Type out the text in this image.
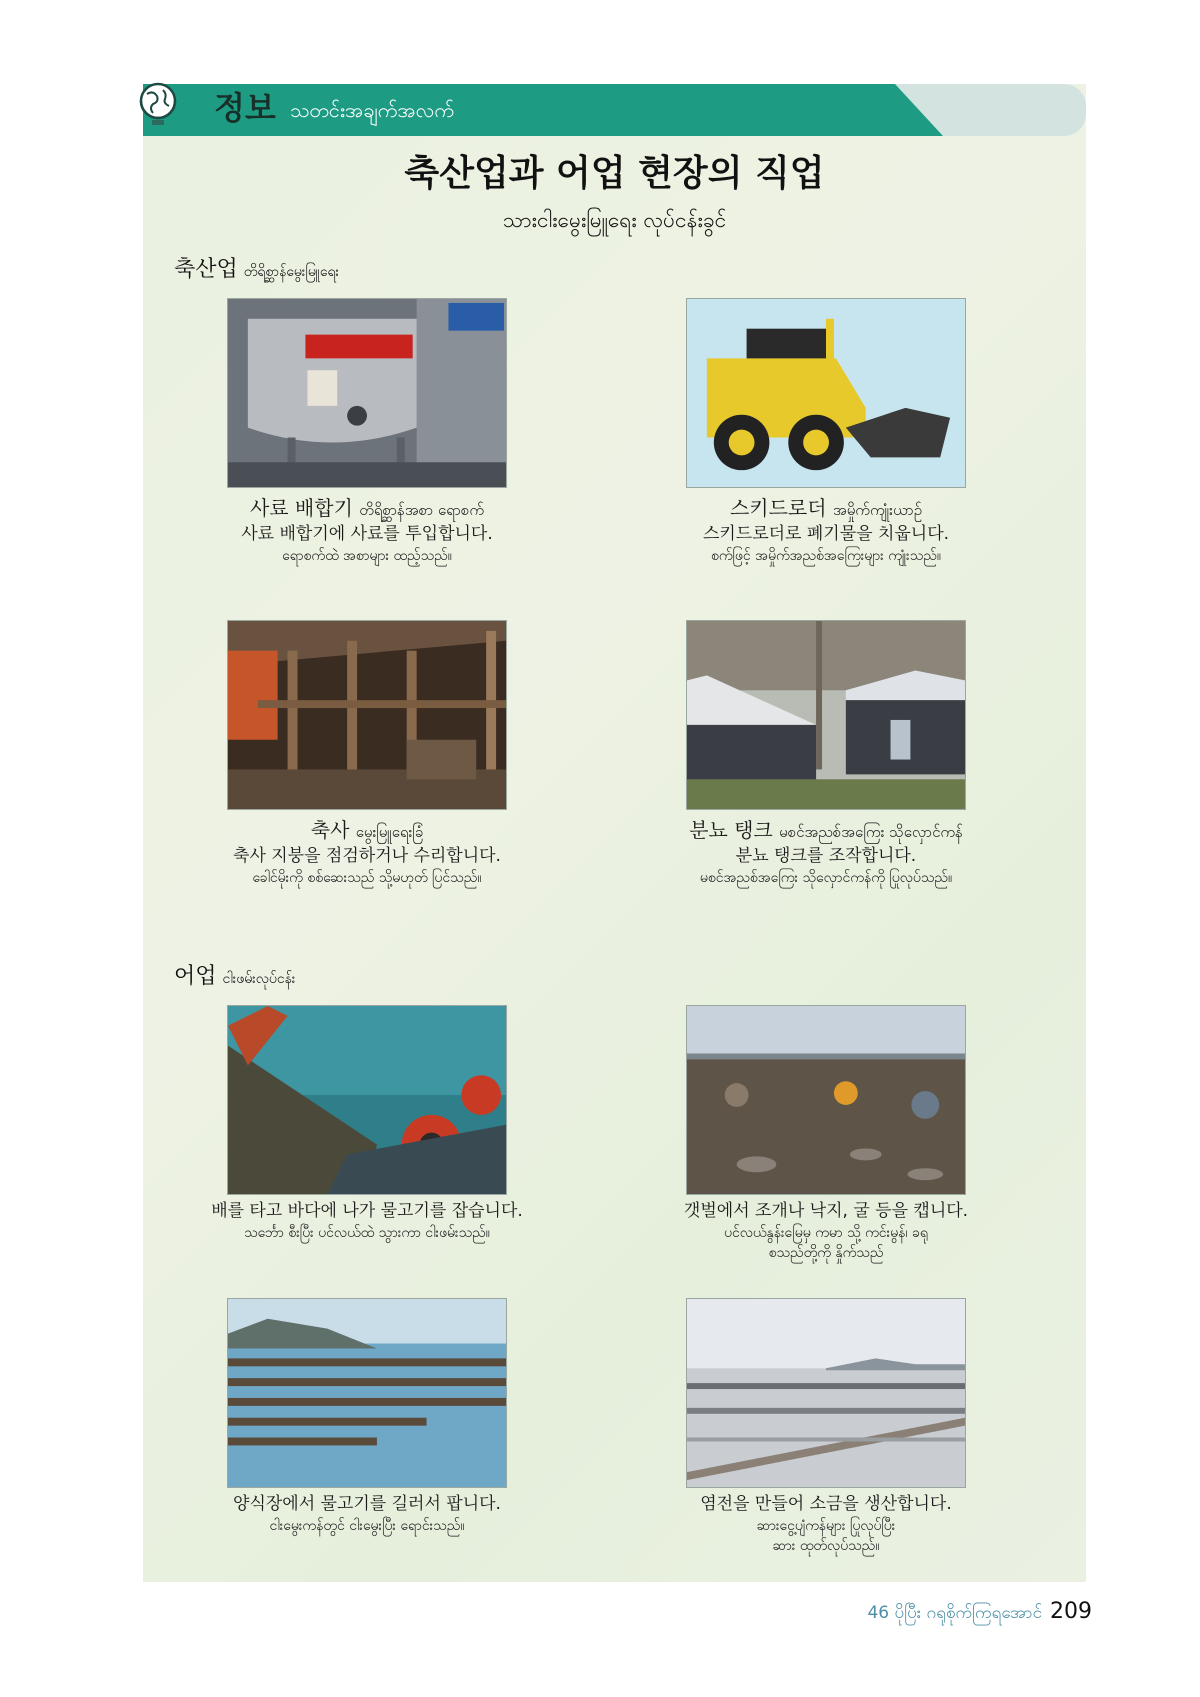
정보 သတင်းအချက်အလက်
축산업과 어업 현장의 직업
သားငါးမွေးမြူရေး လုပ်ငန်းခွင်
축산업 တိရိစ္ဆာန်မွေးမြူရေး
어업 ငါးဖမ်းလုပ်ငန်း
사료 배합기 တိရိစ္ဆာန်အစာ ရောစက်
사료 배합기에 사료를 투입합니다.
ရောစက်ထဲ အစာများ ထည့်သည်။
스키드로더 အမှိုက်ကျုံးယာဉ်
스키드로더로 폐기물을 치웁니다.
စက်ဖြင့် အမှိုက်အညစ်အကြေးများ ကျုံးသည်။
축사 မွေးမြူရေးခြံ
축사 지붕을 점검하거나 수리합니다.
ခေါင်မိုးကို စစ်ဆေးသည် သို့မဟုတ် ပြင်သည်။
분뇨 탱크 မစင်အညစ်အကြေး သိုလှောင်ကန်
분뇨 탱크를 조작합니다.
မစင်အညစ်အကြေး သိုလှောင်ကန်ကို ပြုလုပ်သည်။
배를 타고 바다에 나가 물고기를 잡습니다.
သင်္ဘော စီးပြီး ပင်လယ်ထဲ သွားကာ ငါးဖမ်းသည်။
갯벌에서 조개나 낙지, 굴 등을 캡니다.
ပင်လယ်နွန်းမြေမှ ကမာ သို့ ကင်းမွန်၊ ခရု
စသည်တို့ကို နှိုက်သည်
양식장에서 물고기를 길러서 팝니다.
ငါးမွေးကန်တွင် ငါးမွေးပြီး ရောင်းသည်။
염전을 만들어 소금을 생산합니다.
ဆားငွေ့ပျံကန်များ ပြုလုပ်ပြီး
ဆား ထုတ်လုပ်သည်။
46 ပိုပြီး ဂရုစိုက်ကြရအောင် 209
